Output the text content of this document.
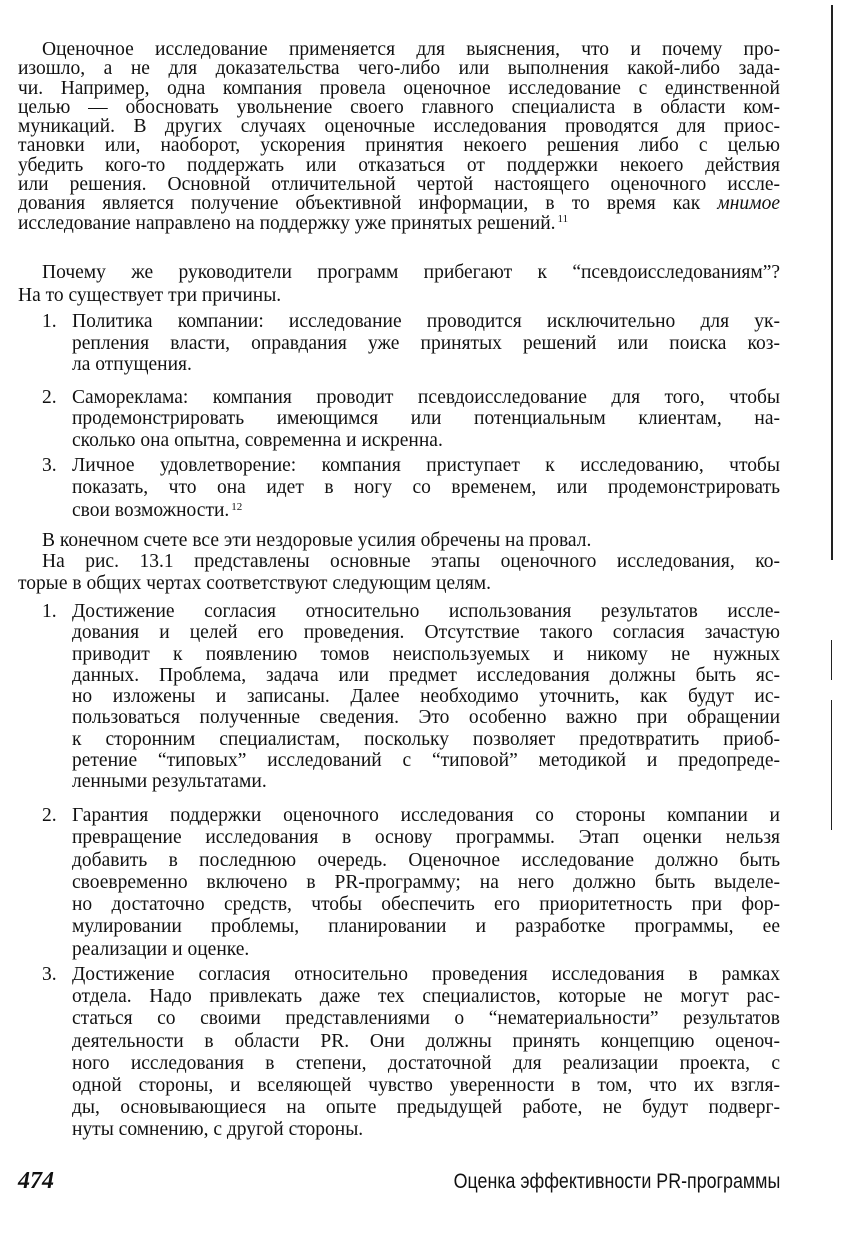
Оценочное исследование применяется для выяснения, что и почему про-
изошло, а не для доказательства чего-либо или выполнения какой-либо зада-
чи. Например, одна компания провела оценочное исследование с единственной
целью — обосновать увольнение своего главного специалиста в области ком-
муникаций. В других случаях оценочные исследования проводятся для приос-
тановки или, наоборот, ускорения принятия некоего решения либо с целью
убедить кого-то поддержать или отказаться от поддержки некоего действия
или решения. Основной отличительной чертой настоящего оценочного иссле-
дования является получение объективной информации, в то время как мнимое
исследование направлено на поддержку уже принятых решений. $^{11}$
Почему же руководители программ прибегают к “псевдоисследованиям”?
На то существует три причины.
1. Политика компании: исследование проводится исключительно для ук-
репления власти, оправдания уже принятых решений или поиска коз-
ла отпущения.
2. Самореклама: компания проводит псевдоисследование для того, чтобы
продемонстрировать имеющимся или потенциальным клиентам, на-
сколько она опытна, современна и искренна.
3. Личное удовлетворение: компания приступает к исследованию, чтобы
показать, что она идет в ногу со временем, или продемонстрировать
свои возможности. $^{12}$
В конечном счете все эти нездоровые усилия обречены на провал.
На рис. 13.1 представлены основные этапы оценочного исследования, ко-
торые в общих чертах соответствуют следующим целям.
1. Достижение согласия относительно использования результатов иссле-
дования и целей его проведения. Отсутствие такого согласия зачастую
приводит к появлению томов неиспользуемых и никому не нужных
данных. Проблема, задача или предмет исследования должны быть яс-
но изложены и записаны. Далее необходимо уточнить, как будут ис-
пользоваться полученные сведения. Это особенно важно при обращении
к сторонним специалистам, поскольку позволяет предотвратить приоб-
ретение “типовых” исследований с “типовой” методикой и предопреде-
ленными результатами.
2. Гарантия поддержки оценочного исследования со стороны компании и
превращение исследования в основу программы. Этап оценки нельзя
добавить в последнюю очередь. Оценочное исследование должно быть
своевременно включено в PR-программу; на него должно быть выделе-
но достаточно средств, чтобы обеспечить его приоритетность при фор-
мулировании проблемы, планировании и разработке программы, ее
реализации и оценке.
3. Достижение согласия относительно проведения исследования в рамках
отдела. Надо привлекать даже тех специалистов, которые не могут рас-
статься со своими представлениями о “нематериальности” результатов
деятельности в области PR. Они должны принять концепцию оценоч-
ного исследования в степени, достаточной для реализации проекта, с
одной стороны, и вселяющей чувство уверенности в том, что их взгля-
ды, основывающиеся на опыте предыдущей работе, не будут подверг-
нуты сомнению, с другой стороны.
474	Оценка эффективности PR-программы
